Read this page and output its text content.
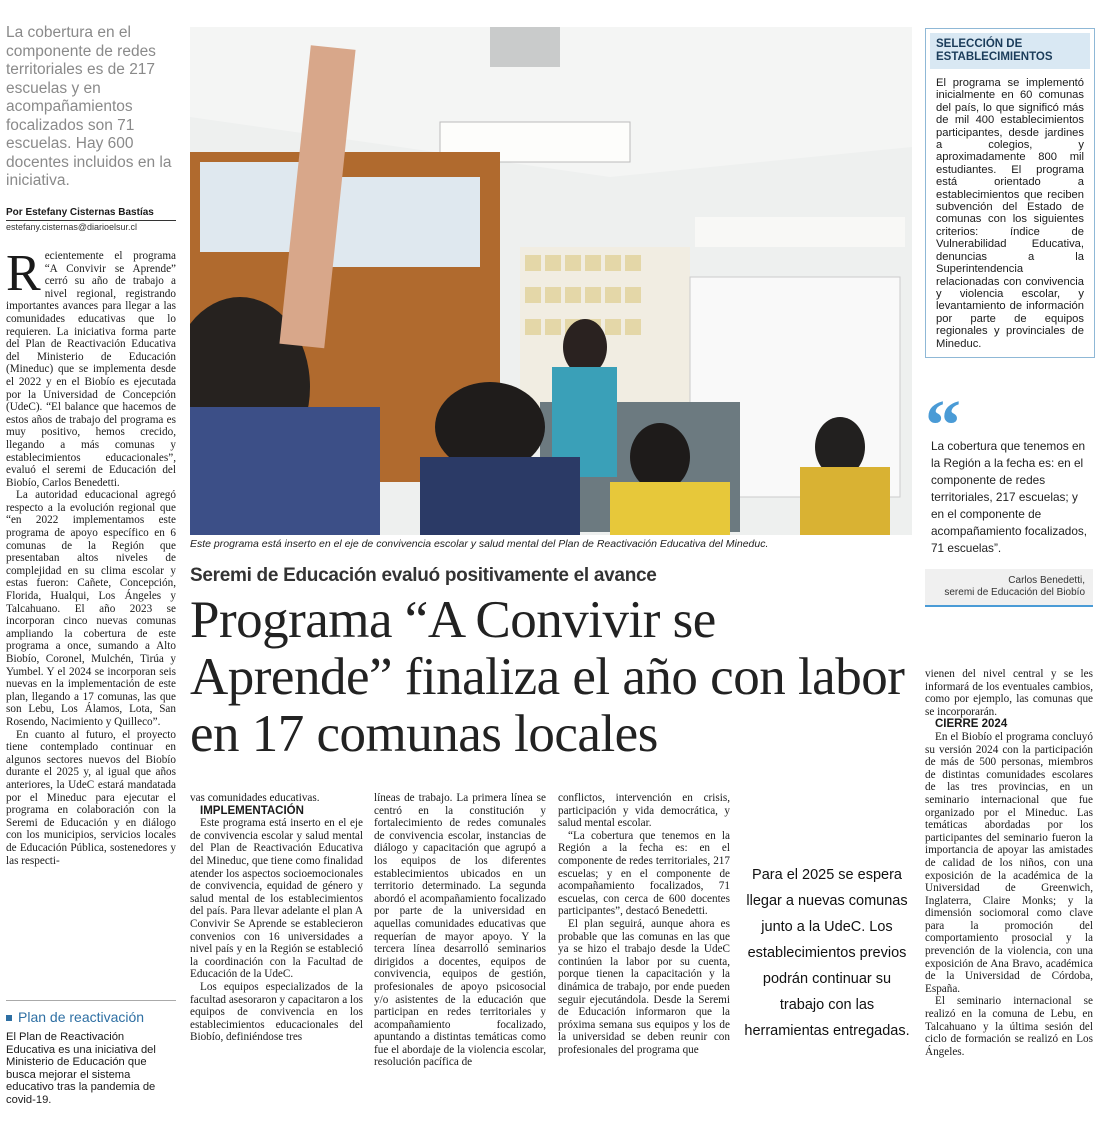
La cobertura en el componente de redes territoriales es de 217 escuelas y en acompañamientos focalizados son 71 escuelas. Hay 600 docentes incluidos en la iniciativa.
Por Estefany Cisternas Bastías
estefany.cisternas@diarioelsur.cl

Recientemente el programa “A Convivir se Aprende” cerró su año de trabajo a nivel regional, registrando importantes avances para llegar a las comunidades educativas que lo requieren. La iniciativa forma parte del Plan de Reactivación Educativa del Ministerio de Educación (Mineduc) que se implementa desde el 2022 y en el Biobío es ejecutada por la Universidad de Concepción (UdeC). “El balance que hacemos de estos años de trabajo del programa es muy positivo, hemos crecido, llegando a más comunas y establecimientos educacionales”, evaluó el seremi de Educación del Biobío, Carlos Benedetti.

La autoridad educacional agregó respecto a la evolución regional que “en 2022 implementamos este programa de apoyo específico en 6 comunas de la Región que presentaban altos niveles de complejidad en su clima escolar y estas fueron: Cañete, Concepción, Florida, Hualqui, Los Ángeles y Talcahuano. El año 2023 se incorporan cinco nuevas comunas ampliando la cobertura de este programa a once, sumando a Alto Biobío, Coronel, Mulchén, Tirúa y Yumbel. Y el 2024 se incorporan seis nuevas en la implementación de este plan, llegando a 17 comunas, las que son Lebu, Los Álamos, Lota, San Rosendo, Nacimiento y Quilleco”.

En cuanto al futuro, el proyecto tiene contemplado continuar en algunos sectores nuevos del Biobío durante el 2025 y, al igual que años anteriores, la UdeC estará mandatada por el Mineduc para ejecutar el programa en colaboración con la Seremi de Educación y en diálogo con los municipios, servicios locales de Educación Pública, sostenedores y las respecti-

Plan de reactivación
El Plan de Reactivación Educativa es una iniciativa del Ministerio de Educación que busca mejorar el sistema educativo tras la pandemia de covid-19.
Este programa está inserto en el eje de convivencia escolar y salud mental del Plan de Reactivación Educativa del Mineduc.
Seremi de Educación evaluó positivamente el avance
Programa “A Convivir se Aprende” finaliza el año con labor en 17 comunas locales
SELECCIÓN DE ESTABLECIMIENTOS
El programa se implementó inicialmente en 60 comunas del país, lo que significó más de mil 400 establecimientos participantes, desde jardines a colegios, y aproximadamente 800 mil estudiantes. El programa está orientado a establecimientos que reciben subvención del Estado de comunas con los siguientes criterios: índice de Vulnerabilidad Educativa, denuncias a la Superintendencia relacionadas con convivencia y violencia escolar, y levantamiento de información por parte de equipos regionales y provinciales de Mineduc.
“
La cobertura que tenemos en la Región a la fecha es: en el componente de redes territoriales, 217 escuelas; y en el componente de acompañamiento focalizados, 71 escuelas”.
Carlos Benedetti,
seremi de Educación del Biobío

vas comunidades educativas.

IMPLEMENTACIÓN

Este programa está inserto en el eje de convivencia escolar y salud mental del Plan de Reactivación Educativa del Mineduc, que tiene como finalidad atender los aspectos socioemocionales de convivencia, equidad de género y salud mental de los establecimientos del país. Para llevar adelante el plan A Convivir Se Aprende se establecieron convenios con 16 universidades a nivel país y en la Región se estableció la coordinación con la Facultad de Educación de la UdeC.

Los equipos especializados de la facultad asesoraron y capacitaron a los equipos de convivencia en los establecimientos educacionales del Biobío, definiéndose tres

líneas de trabajo. La primera línea se centró en la constitución y fortalecimiento de redes comunales de convivencia escolar, instancias de diálogo y capacitación que agrupó a los equipos de los diferentes establecimientos ubicados en un territorio determinado. La segunda abordó el acompañamiento focalizado por parte de la universidad en aquellas comunidades educativas que requerían de mayor apoyo. Y la tercera línea desarrolló seminarios dirigidos a docentes, equipos de convivencia, equipos de gestión, profesionales de apoyo psicosocial y/o asistentes de la educación que participan en redes territoriales y acompañamiento focalizado, apuntando a distintas temáticas como fue el abordaje de la violencia escolar, resolución pacífica de

conflictos, intervención en crisis, participación y vida democrática, y salud mental escolar.

“La cobertura que tenemos en la Región a la fecha es: en el componente de redes territoriales, 217 escuelas; y en el componente de acompañamiento focalizados, 71 escuelas, con cerca de 600 docentes participantes”, destacó Benedetti.

El plan seguirá, aunque ahora es probable que las comunas en las que ya se hizo el trabajo desde la UdeC continúen la labor por su cuenta, porque tienen la capacitación y la dinámica de trabajo, por ende pueden seguir ejecutándola. Desde la Seremi de Educación informaron que la próxima semana sus equipos y los de la universidad se deben reunir con profesionales del programa que

Para el 2025 se espera llegar a nuevas comunas junto a la UdeC. Los establecimientos previos podrán continuar su trabajo con las herramientas entregadas.

vienen del nivel central y se les informará de los eventuales cambios, como por ejemplo, las comunas que se incorporarán.

CIERRE 2024

En el Biobío el programa concluyó su versión 2024 con la participación de más de 500 personas, miembros de distintas comunidades escolares de las tres provincias, en un seminario internacional que fue organizado por el Mineduc. Las temáticas abordadas por los participantes del seminario fueron la importancia de apoyar las amistades de calidad de los niños, con una exposición de la académica de la Universidad de Greenwich, Inglaterra, Claire Monks; y la dimensión sociomoral como clave para la promoción del comportamiento prosocial y la prevención de la violencia, con una exposición de Ana Bravo, académica de la Universidad de Córdoba, España.

El seminario internacional se realizó en la comuna de Lebu, en Talcahuano y la última sesión del ciclo de formación se realizó en Los Ángeles.
